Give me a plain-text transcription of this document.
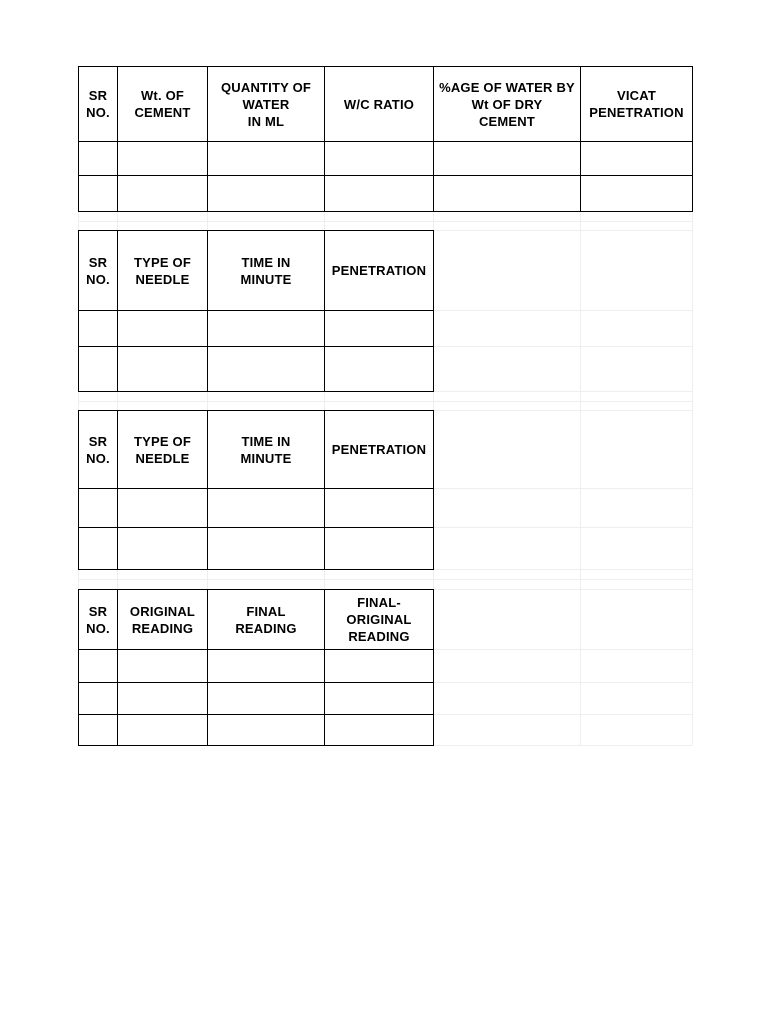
SR
NO.
Wt. OF
CEMENT
QUANTITY OF
WATER
IN ML
W/C RATIO
%AGE OF WATER BY
Wt OF DRY
CEMENT
VICAT
PENETRATION
SR
NO.
TYPE OF
NEEDLE
TIME IN
MINUTE
PENETRATION
SR
NO.
TYPE OF
NEEDLE
TIME IN
MINUTE
PENETRATION
SR
NO.
ORIGINAL
READING
FINAL
READING
FINAL-ORIGINAL
READING
